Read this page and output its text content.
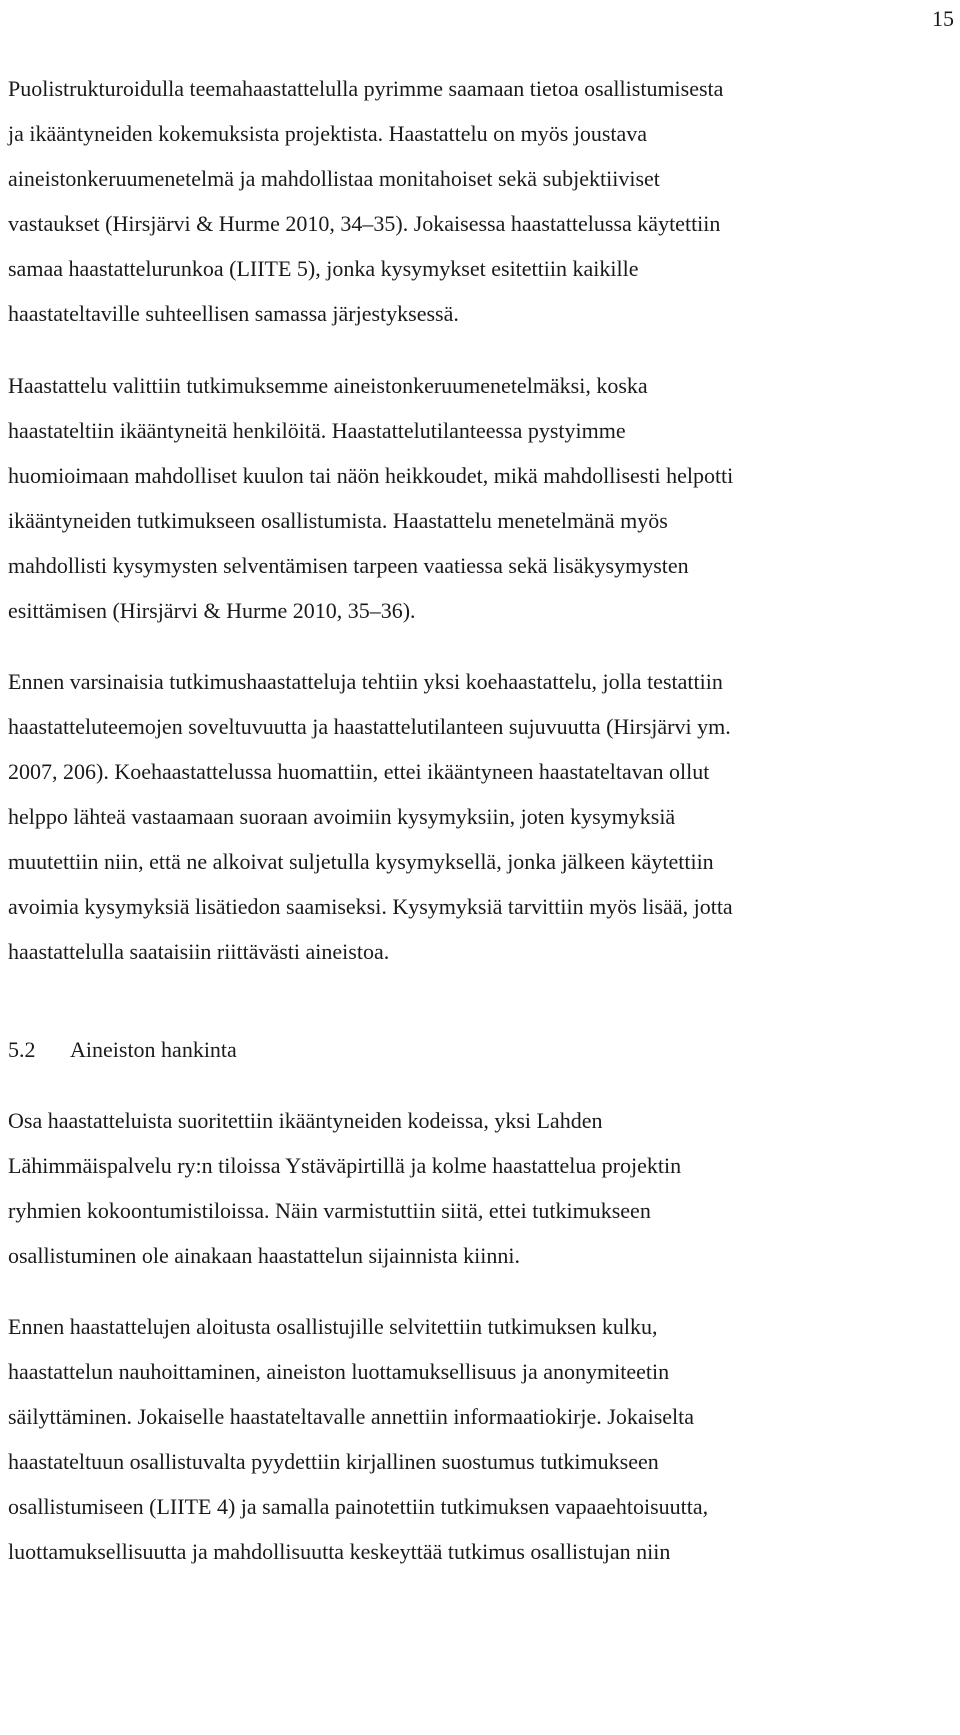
15
Puolistrukturoidulla teemahaastattelulla pyrimme saamaan tietoa osallistumisesta
ja ikääntyneiden kokemuksista projektista. Haastattelu on myös joustava
aineistonkeruumenetelmä ja mahdollistaa monitahoiset sekä subjektiiviset
vastaukset (Hirsjärvi & Hurme 2010, 34–35). Jokaisessa haastattelussa käytettiin
samaa haastattelurunkoa (LIITE 5), jonka kysymykset esitettiin kaikille
haastateltaville suhteellisen samassa järjestyksessä.
Haastattelu valittiin tutkimuksemme aineistonkeruumenetelmäksi, koska
haastateltiin ikääntyneitä henkilöitä. Haastattelutilanteessa pystyimme
huomioimaan mahdolliset kuulon tai näön heikkoudet, mikä mahdollisesti helpotti
ikääntyneiden tutkimukseen osallistumista. Haastattelu menetelmänä myös
mahdollisti kysymysten selventämisen tarpeen vaatiessa sekä lisäkysymysten
esittämisen (Hirsjärvi & Hurme 2010, 35–36).
Ennen varsinaisia tutkimushaastatteluja tehtiin yksi koehaastattelu, jolla testattiin
haastatteluteemojen soveltuvuutta ja haastattelutilanteen sujuvuutta (Hirsjärvi ym.
2007, 206). Koehaastattelussa huomattiin, ettei ikääntyneen haastateltavan ollut
helppo lähteä vastaamaan suoraan avoimiin kysymyksiin, joten kysymyksiä
muutettiin niin, että ne alkoivat suljetulla kysymyksellä, jonka jälkeen käytettiin
avoimia kysymyksiä lisätiedon saamiseksi. Kysymyksiä tarvittiin myös lisää, jotta
haastattelulla saataisiin riittävästi aineistoa.
5.2 Aineiston hankinta
Osa haastatteluista suoritettiin ikääntyneiden kodeissa, yksi Lahden
Lähimmäispalvelu ry:n tiloissa Ystäväpirtillä ja kolme haastattelua projektin
ryhmien kokoontumistiloissa. Näin varmistuttiin siitä, ettei tutkimukseen
osallistuminen ole ainakaan haastattelun sijainnista kiinni.
Ennen haastattelujen aloitusta osallistujille selvitettiin tutkimuksen kulku,
haastattelun nauhoittaminen, aineiston luottamuksellisuus ja anonymiteetin
säilyttäminen. Jokaiselle haastateltavalle annettiin informaatiokirje. Jokaiselta
haastateltuun osallistuvalta pyydettiin kirjallinen suostumus tutkimukseen
osallistumiseen (LIITE 4) ja samalla painotettiin tutkimuksen vapaaehtoisuutta,
luottamuksellisuutta ja mahdollisuutta keskeyttää tutkimus osallistujan niin
